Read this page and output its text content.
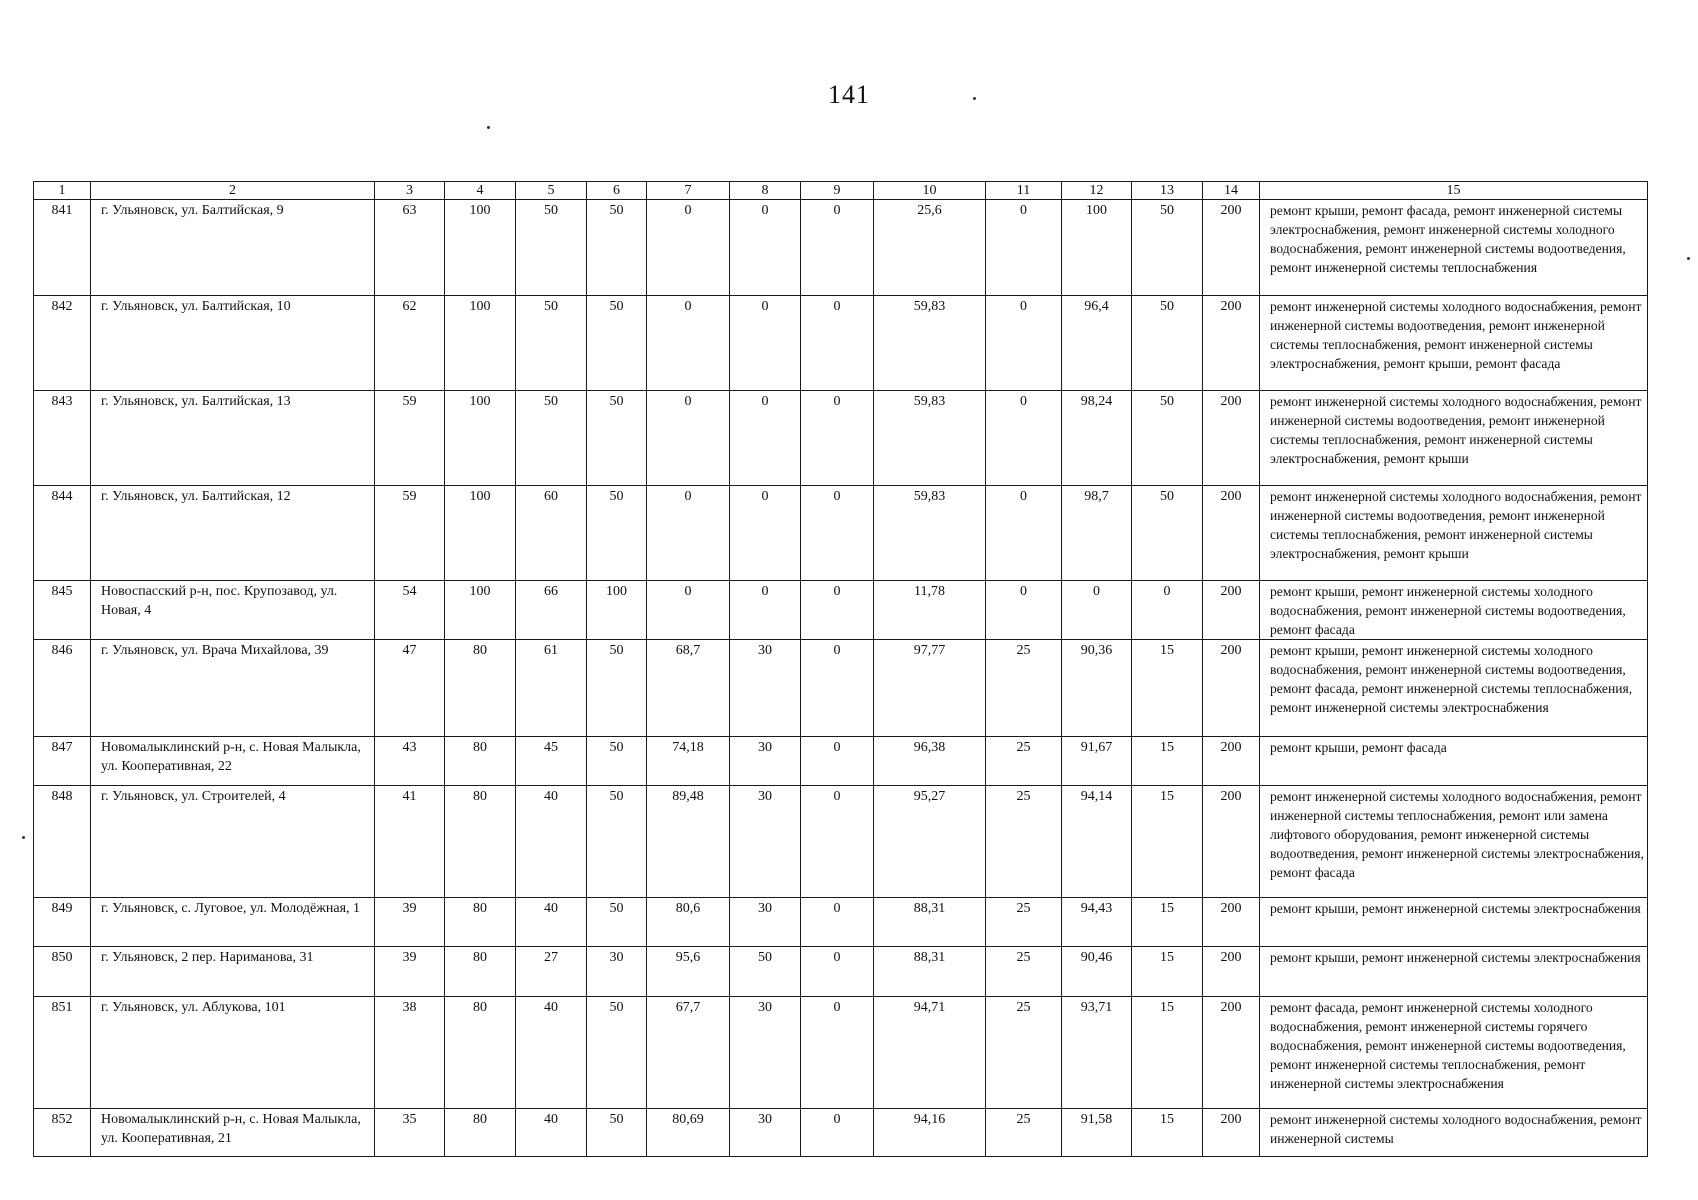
141
1	2	3	4	5	6	7	8	9	10	11	12	13	14	15
841	г. Ульяновск, ул. Балтийская, 9	63	100	50	50	0	0	0	25,6	0	100	50	200	ремонт крыши, ремонт фасада, ремонт инженерной системы электроснабжения, ремонт инженерной системы холодного водоснабжения, ремонт инженерной системы водоотведения, ремонт инженерной системы теплоснабжения
842	г. Ульяновск, ул. Балтийская, 10	62	100	50	50	0	0	0	59,83	0	96,4	50	200	ремонт инженерной системы холодного водоснабжения, ремонт инженерной системы водоотведения, ремонт инженерной системы теплоснабжения, ремонт инженерной системы электроснабжения, ремонт крыши, ремонт фасада
843	г. Ульяновск, ул. Балтийская, 13	59	100	50	50	0	0	0	59,83	0	98,24	50	200	ремонт инженерной системы холодного водоснабжения, ремонт инженерной системы водоотведения, ремонт инженерной системы теплоснабжения, ремонт инженерной системы электроснабжения, ремонт крыши
844	г. Ульяновск, ул. Балтийская, 12	59	100	60	50	0	0	0	59,83	0	98,7	50	200	ремонт инженерной системы холодного водоснабжения, ремонт инженерной системы водоотведения, ремонт инженерной системы теплоснабжения, ремонт инженерной системы электроснабжения, ремонт крыши
845	Новоспасский р-н, пос. Крупозавод, ул. Новая, 4	54	100	66	100	0	0	0	11,78	0	0	0	200	ремонт крыши, ремонт инженерной системы холодного водоснабжения, ремонт инженерной системы водоотведения, ремонт фасада
846	г. Ульяновск, ул. Врача Михайлова, 39	47	80	61	50	68,7	30	0	97,77	25	90,36	15	200	ремонт крыши, ремонт инженерной системы холодного водоснабжения, ремонт инженерной системы водоотведения, ремонт фасада, ремонт инженерной системы теплоснабжения, ремонт инженерной системы электроснабжения
847	Новомалыклинский р-н, с. Новая Малыкла, ул. Кооперативная, 22	43	80	45	50	74,18	30	0	96,38	25	91,67	15	200	ремонт крыши, ремонт фасада
848	г. Ульяновск, ул. Строителей, 4	41	80	40	50	89,48	30	0	95,27	25	94,14	15	200	ремонт инженерной системы холодного водоснабжения, ремонт инженерной системы теплоснабжения, ремонт или замена лифтового оборудования, ремонт инженерной системы водоотведения, ремонт инженерной системы электроснабжения, ремонт фасада
849	г. Ульяновск, с. Луговое, ул. Молодёжная, 1	39	80	40	50	80,6	30	0	88,31	25	94,43	15	200	ремонт крыши, ремонт инженерной системы электроснабжения
850	г. Ульяновск, 2 пер. Нариманова, 31	39	80	27	30	95,6	50	0	88,31	25	90,46	15	200	ремонт крыши, ремонт инженерной системы электроснабжения
851	г. Ульяновск, ул. Аблукова, 101	38	80	40	50	67,7	30	0	94,71	25	93,71	15	200	ремонт фасада, ремонт инженерной системы холодного водоснабжения, ремонт инженерной системы горячего водоснабжения, ремонт инженерной системы водоотведения, ремонт инженерной системы теплоснабжения, ремонт инженерной системы электроснабжения
852	Новомалыклинский р-н, с. Новая Малыкла, ул. Кооперативная, 21	35	80	40	50	80,69	30	0	94,16	25	91,58	15	200	ремонт инженерной системы холодного водоснабжения, ремонт инженерной системы
